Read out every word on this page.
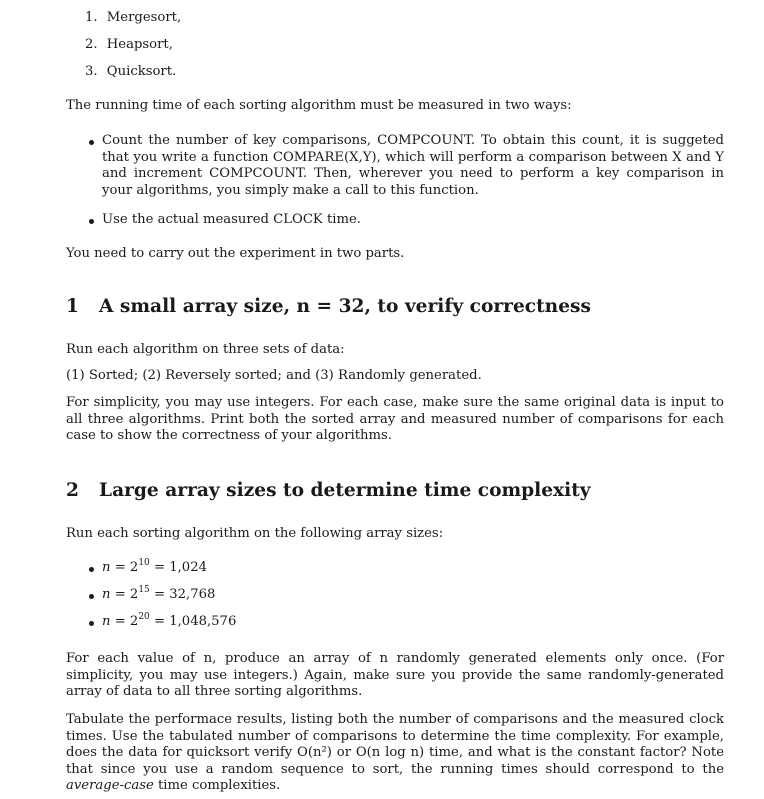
1. Mergesort,
2. Heapsort,
3. Quicksort.
The running time of each sorting algorithm must be measured in two ways:
Count the number of key comparisons, COMPCOUNT. To obtain this count, it is suggeted that you write a function COMPARE(X,Y), which will perform a comparison between X and Y and increment COMPCOUNT. Then, wherever you need to perform a key comparison in your algorithms, you simply make a call to this function.
Use the actual measured CLOCK time.
You need to carry out the experiment in two parts.
1 A small array size, n = 32, to verify correctness
Run each algorithm on three sets of data:
(1) Sorted; (2) Reversely sorted; and (3) Randomly generated.
For simplicity, you may use integers. For each case, make sure the same original data is input to all three algorithms. Print both the sorted array and measured number of comparisons for each case to show the correctness of your algorithms.
2 Large array sizes to determine time complexity
Run each sorting algorithm on the following array sizes:
$n = 2^{10} = 1,024$
$n = 2^{15} = 32,768$
$n = 2^{20} = 1,048,576$
For each value of n, produce an array of n randomly generated elements only once. (For simplicity, you may use integers.) Again, make sure you provide the same randomly-generated array of data to all three sorting algorithms.
Tabulate the performace results, listing both the number of comparisons and the measured clock times. Use the tabulated number of comparisons to determine the time complexity. For example, does the data for quicksort verify O(n²) or O(n log n) time, and what is the constant factor? Note that since you use a random sequence to sort, the running times should correspond to the average-case time complexities.
